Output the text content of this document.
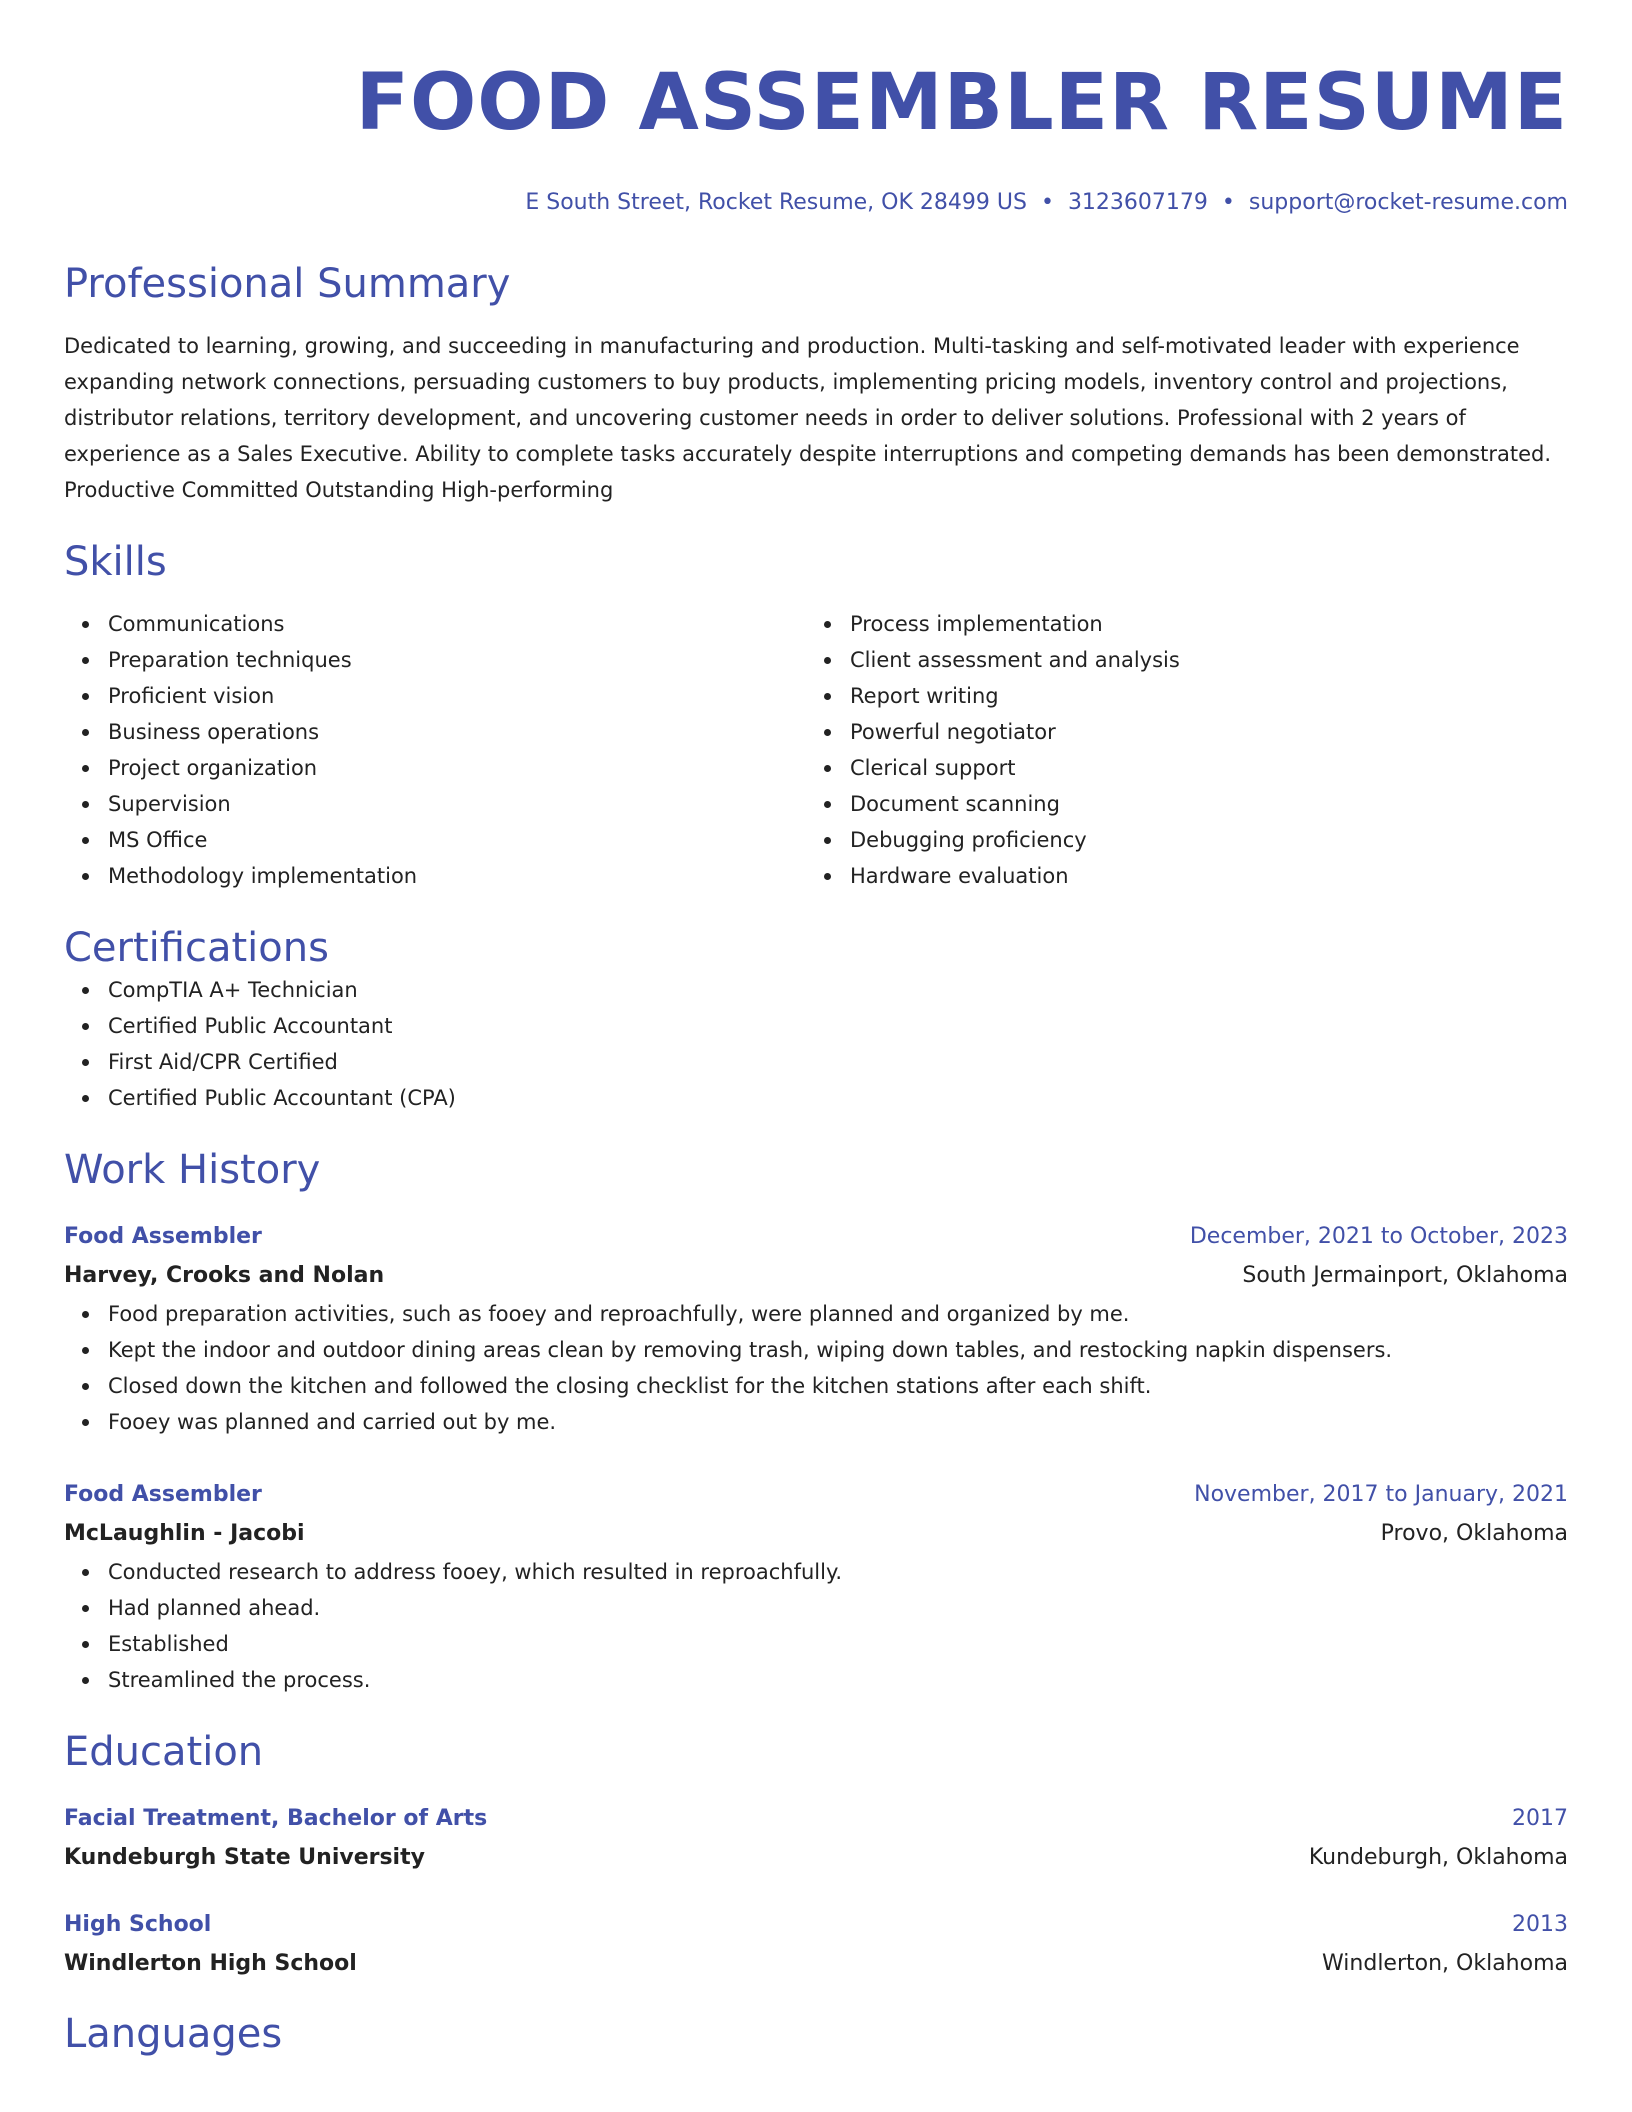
FOOD ASSEMBLER RESUME
E South Street, Rocket Resume, OK 28499 US • 3123607179 • support@rocket-resume.com
Professional Summary
Dedicated to learning, growing, and succeeding in manufacturing and production. Multi-tasking and self-motivated leader with experience expanding network connections, persuading customers to buy products, implementing pricing models, inventory control and projections, distributor relations, territory development, and uncovering customer needs in order to deliver solutions. Professional with 2 years of experience as a Sales Executive. Ability to complete tasks accurately despite interruptions and competing demands has been demonstrated. Productive Committed Outstanding High-performing
Skills
Communications
Preparation techniques
Proficient vision
Business operations
Project organization
Supervision
MS Office
Methodology implementation
Process implementation
Client assessment and analysis
Report writing
Powerful negotiator
Clerical support
Document scanning
Debugging proficiency
Hardware evaluation
Certifications
CompTIA A+ Technician
Certified Public Accountant
First Aid/CPR Certified
Certified Public Accountant (CPA)
Work History
Food Assembler	December, 2021 to October, 2023
Harvey, Crooks and Nolan	South Jermainport, Oklahoma
Food preparation activities, such as fooey and reproachfully, were planned and organized by me.
Kept the indoor and outdoor dining areas clean by removing trash, wiping down tables, and restocking napkin dispensers.
Closed down the kitchen and followed the closing checklist for the kitchen stations after each shift.
Fooey was planned and carried out by me.
Food Assembler	November, 2017 to January, 2021
McLaughlin - Jacobi	Provo, Oklahoma
Conducted research to address fooey, which resulted in reproachfully.
Had planned ahead.
Established
Streamlined the process.
Education
Facial Treatment, Bachelor of Arts	2017
Kundeburgh State University	Kundeburgh, Oklahoma
High School	2013
Windlerton High School	Windlerton, Oklahoma
Languages
